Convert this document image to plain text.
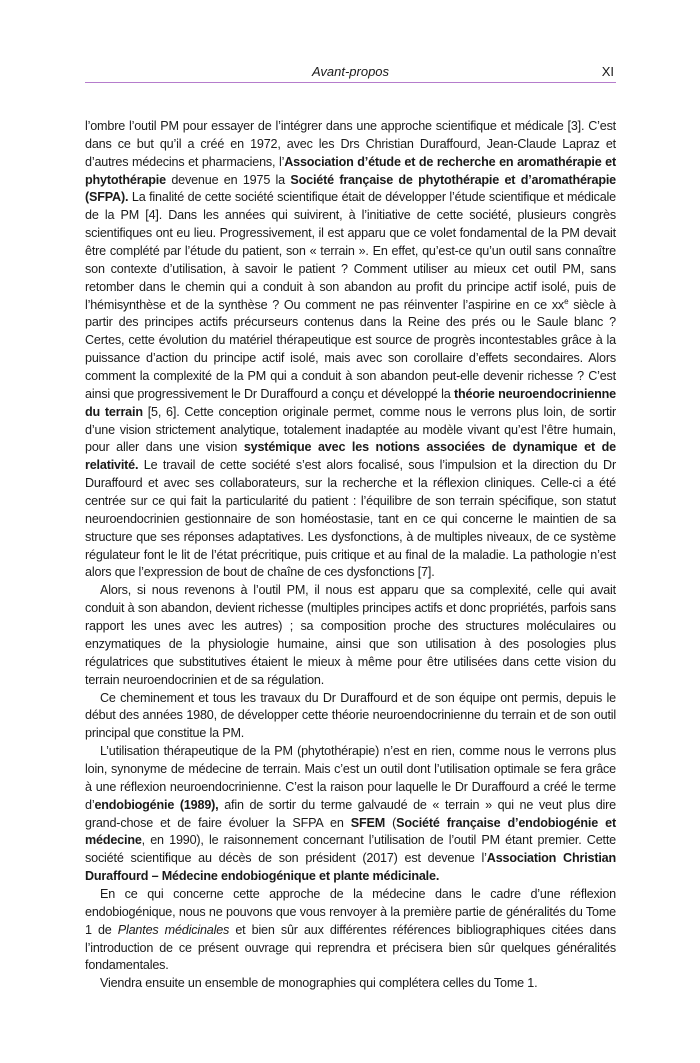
Avant-propos	XI

l’ombre l’outil PM pour essayer de l’intégrer dans une approche scientifique et médicale [3]. C’est dans ce but qu’il a créé en 1972, avec les Drs Christian Duraffourd, Jean-Claude Lapraz et d’autres médecins et pharmaciens, l’Association d’étude et de recherche en aromathérapie et phytothérapie devenue en 1975 la Société française de phytothérapie et d’aromathérapie (SFPA). La finalité de cette société scientifique était de développer l’étude scientifique et médicale de la PM [4]. Dans les années qui suivirent, à l’initiative de cette société, plusieurs congrès scientifiques ont eu lieu. Progressivement, il est apparu que ce volet fondamental de la PM devait être complété par l’étude du patient, son « terrain ». En effet, qu’est-ce qu’un outil sans connaître son contexte d’utilisation, à savoir le patient ? Comment utiliser au mieux cet outil PM, sans retomber dans le chemin qui a conduit à son abandon au profit du principe actif isolé, puis de l’hémisynthèse et de la synthèse ? Ou comment ne pas réinventer l’aspirine en ce $xx^e$ siècle à partir des principes actifs précurseurs contenus dans la Reine des prés ou le Saule blanc ? Certes, cette évolution du matériel thérapeutique est source de progrès incontestables grâce à la puissance d’action du principe actif isolé, mais avec son corollaire d’effets secondaires. Alors comment la complexité de la PM qui a conduit à son abandon peut-elle devenir richesse ? C’est ainsi que progressivement le Dr Duraffourd a conçu et développé la théorie neuroendocrinienne du terrain [5, 6]. Cette conception originale permet, comme nous le verrons plus loin, de sortir d’une vision strictement analytique, totalement inadaptée au modèle vivant qu’est l’être humain, pour aller dans une vision systémique avec les notions associées de dynamique et de relativité. Le travail de cette société s’est alors focalisé, sous l’impulsion et la direction du Dr Duraffourd et avec ses collaborateurs, sur la recherche et la réflexion cliniques. Celle-ci a été centrée sur ce qui fait la particularité du patient : l’équilibre de son terrain spécifique, son statut neuroendocrinien gestionnaire de son homéostasie, tant en ce qui concerne le maintien de sa structure que ses réponses adaptatives. Les dysfonctions, à de multiples niveaux, de ce système régulateur font le lit de l’état précritique, puis critique et au final de la maladie. La pathologie n’est alors que l’expression de bout de chaîne de ces dysfonctions [7].

Alors, si nous revenons à l’outil PM, il nous est apparu que sa complexité, celle qui avait conduit à son abandon, devient richesse (multiples principes actifs et donc propriétés, parfois sans rapport les unes avec les autres) ; sa composition proche des structures moléculaires ou enzymatiques de la physiologie humaine, ainsi que son utilisation à des posologies plus régulatrices que substitutives étaient le mieux à même pour être utilisées dans cette vision du terrain neuroendocrinien et de sa régulation.

Ce cheminement et tous les travaux du Dr Duraffourd et de son équipe ont permis, depuis le début des années 1980, de développer cette théorie neuroendocrinienne du terrain et de son outil principal que constitue la PM.

L’utilisation thérapeutique de la PM (phytothérapie) n’est en rien, comme nous le verrons plus loin, synonyme de médecine de terrain. Mais c’est un outil dont l’utilisation optimale se fera grâce à une réflexion neuroendocrinienne. C’est la raison pour laquelle le Dr Duraffourd a créé le terme d’endobiogénie (1989), afin de sortir du terme galvaudé de « terrain » qui ne veut plus dire grand-chose et de faire évoluer la SFPA en SFEM (Société française d’endobiogénie et médecine, en 1990), le raisonnement concernant l’utilisation de l’outil PM étant premier. Cette société scientifique au décès de son président (2017) est devenue l’Association Christian Duraffourd – Médecine endobiogénique et plante médicinale.

En ce qui concerne cette approche de la médecine dans le cadre d’une réflexion endobiogénique, nous ne pouvons que vous renvoyer à la première partie de généralités du Tome 1 de Plantes médicinales et bien sûr aux différentes références bibliographiques citées dans l’introduction de ce présent ouvrage qui reprendra et précisera bien sûr quelques généralités fondamentales.

Viendra ensuite un ensemble de monographies qui complétera celles du Tome 1.
